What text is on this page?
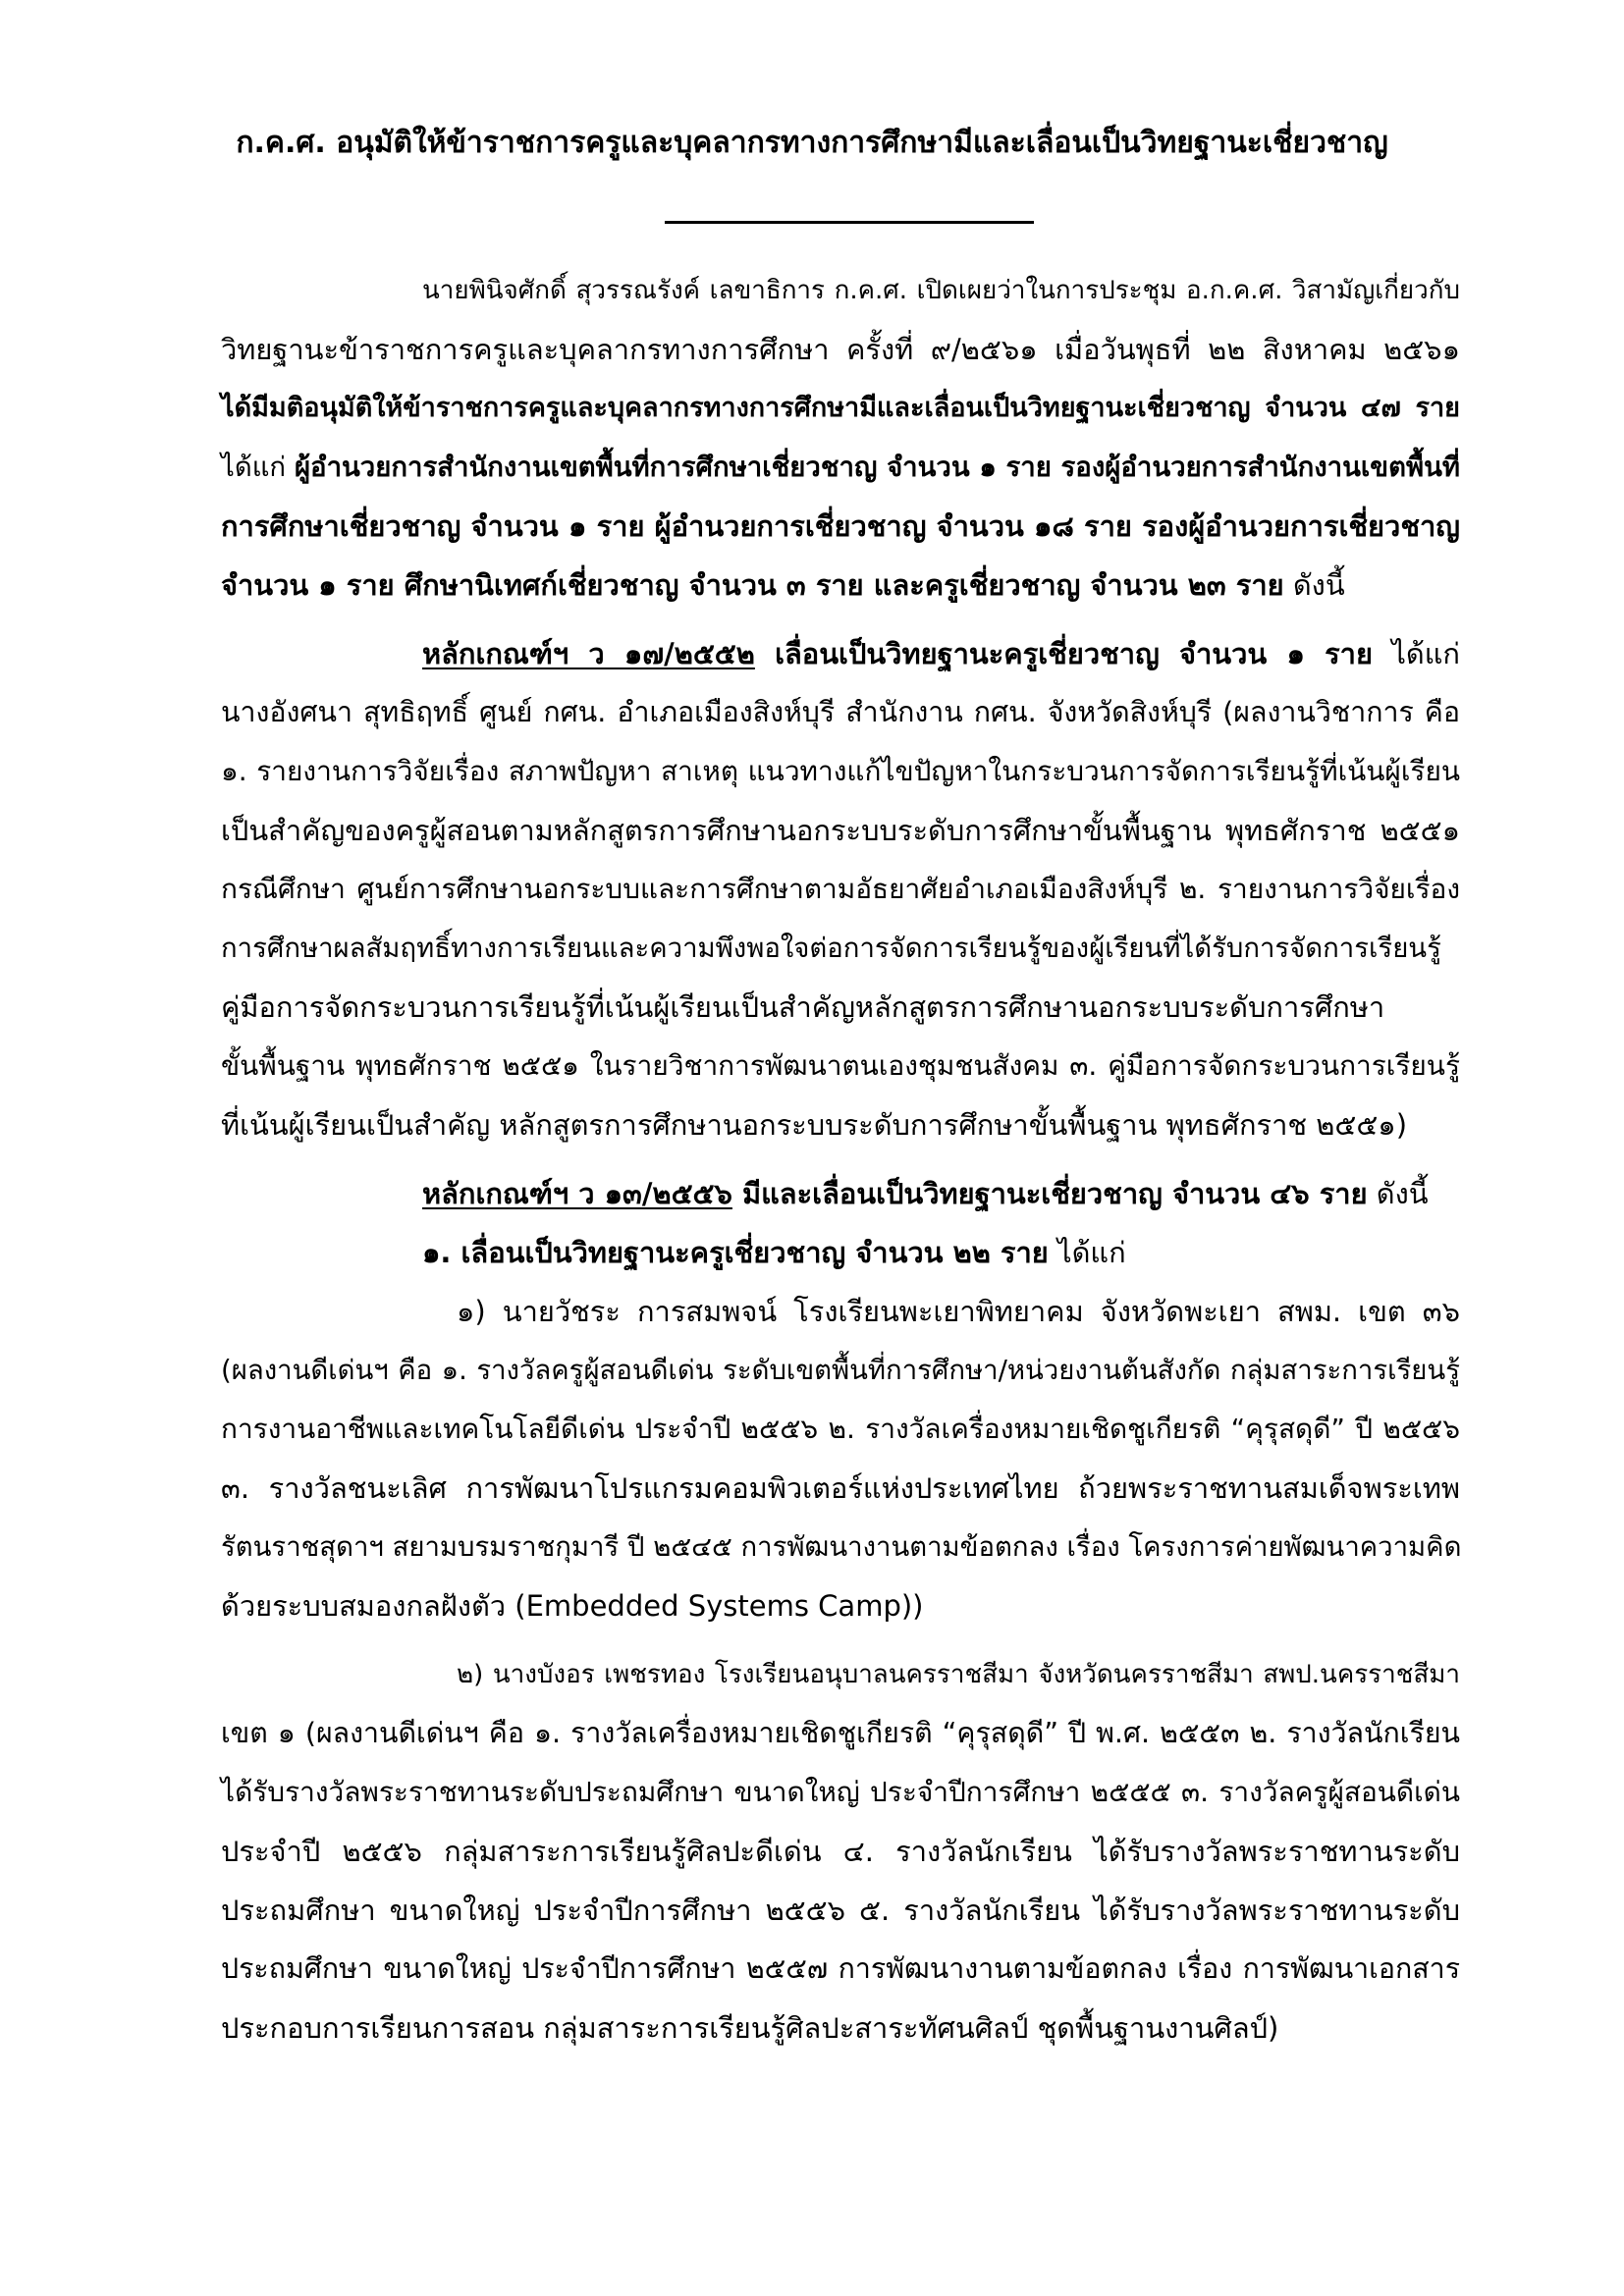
ก.ค.ศ. อนุมัติให้ข้าราชการครูและบุคลากรทางการศึกษามีและเลื่อนเป็นวิทยฐานะเชี่ยวชาญ
นายพินิจศักดิ์ สุวรรณรังค์ เลขาธิการ ก.ค.ศ. เปิดเผยว่าในการประชุม อ.ก.ค.ศ. วิสามัญเกี่ยวกับ
วิทยฐานะข้าราชการครูและบุคลากรทางการศึกษา ครั้งที่ ๙/๒๕๖๑ เมื่อวันพุธที่ ๒๒ สิงหาคม ๒๕๖๑
ได้มีมติอนุมัติให้ข้าราชการครูและบุคลากรทางการศึกษามีและเลื่อนเป็นวิทยฐานะเชี่ยวชาญ จำนวน ๔๗ ราย
ได้แก่ ผู้อำนวยการสำนักงานเขตพื้นที่การศึกษาเชี่ยวชาญ จำนวน ๑ ราย รองผู้อำนวยการสำนักงานเขตพื้นที่
การศึกษาเชี่ยวชาญ จำนวน ๑ ราย ผู้อำนวยการเชี่ยวชาญ จำนวน ๑๘ ราย รองผู้อำนวยการเชี่ยวชาญ
จำนวน ๑ ราย ศึกษานิเทศก์เชี่ยวชาญ จำนวน ๓ ราย และครูเชี่ยวชาญ จำนวน ๒๓ ราย ดังนี้
หลักเกณฑ์ฯ ว ๑๗/๒๕๕๒ เลื่อนเป็นวิทยฐานะครูเชี่ยวชาญ จำนวน ๑ ราย ได้แก่
นางอังศนา สุทธิฤทธิ์ ศูนย์ กศน. อำเภอเมืองสิงห์บุรี สำนักงาน กศน. จังหวัดสิงห์บุรี (ผลงานวิชาการ คือ
๑. รายงานการวิจัยเรื่อง สภาพปัญหา สาเหตุ แนวทางแก้ไขปัญหาในกระบวนการจัดการเรียนรู้ที่เน้นผู้เรียน
เป็นสำคัญของครูผู้สอนตามหลักสูตรการศึกษานอกระบบระดับการศึกษาขั้นพื้นฐาน พุทธศักราช ๒๕๕๑
กรณีศึกษา ศูนย์การศึกษานอกระบบและการศึกษาตามอัธยาศัยอำเภอเมืองสิงห์บุรี ๒. รายงานการวิจัยเรื่อง
การศึกษาผลสัมฤทธิ์ทางการเรียนและความพึงพอใจต่อการจัดการเรียนรู้ของผู้เรียนที่ได้รับการจัดการเรียนรู้
คู่มือการจัดกระบวนการเรียนรู้ที่เน้นผู้เรียนเป็นสำคัญหลักสูตรการศึกษานอกระบบระดับการศึกษา
ขั้นพื้นฐาน พุทธศักราช ๒๕๕๑ ในรายวิชาการพัฒนาตนเองชุมชนสังคม ๓. คู่มือการจัดกระบวนการเรียนรู้
ที่เน้นผู้เรียนเป็นสำคัญ หลักสูตรการศึกษานอกระบบระดับการศึกษาขั้นพื้นฐาน พุทธศักราช ๒๕๕๑)
หลักเกณฑ์ฯ ว ๑๓/๒๕๕๖ มีและเลื่อนเป็นวิทยฐานะเชี่ยวชาญ จำนวน ๔๖ ราย ดังนี้
๑. เลื่อนเป็นวิทยฐานะครูเชี่ยวชาญ จำนวน ๒๒ ราย ได้แก่
๑) นายวัชระ การสมพจน์ โรงเรียนพะเยาพิทยาคม จังหวัดพะเยา สพม. เขต ๓๖
(ผลงานดีเด่นฯ คือ ๑. รางวัลครูผู้สอนดีเด่น ระดับเขตพื้นที่การศึกษา/หน่วยงานต้นสังกัด กลุ่มสาระการเรียนรู้
การงานอาชีพและเทคโนโลยีดีเด่น ประจำปี ๒๕๕๖ ๒. รางวัลเครื่องหมายเชิดชูเกียรติ “คุรุสดุดี” ปี ๒๕๕๖
๓. รางวัลชนะเลิศ การพัฒนาโปรแกรมคอมพิวเตอร์แห่งประเทศไทย ถ้วยพระราชทานสมเด็จพระเทพ
รัตนราชสุดาฯ สยามบรมราชกุมารี ปี ๒๕๔๕ การพัฒนางานตามข้อตกลง เรื่อง โครงการค่ายพัฒนาความคิด
ด้วยระบบสมองกลฝังตัว (Embedded Systems Camp))
๒) นางบังอร เพชรทอง โรงเรียนอนุบาลนครราชสีมา จังหวัดนครราชสีมา สพป.นครราชสีมา
เขต ๑ (ผลงานดีเด่นฯ คือ ๑. รางวัลเครื่องหมายเชิดชูเกียรติ “คุรุสดุดี” ปี พ.ศ. ๒๕๕๓ ๒. รางวัลนักเรียน
ได้รับรางวัลพระราชทานระดับประถมศึกษา ขนาดใหญ่ ประจำปีการศึกษา ๒๕๕๕ ๓. รางวัลครูผู้สอนดีเด่น
ประจำปี ๒๕๕๖ กลุ่มสาระการเรียนรู้ศิลปะดีเด่น ๔. รางวัลนักเรียน ได้รับรางวัลพระราชทานระดับ
ประถมศึกษา ขนาดใหญ่ ประจำปีการศึกษา ๒๕๕๖ ๕. รางวัลนักเรียน ได้รับรางวัลพระราชทานระดับ
ประถมศึกษา ขนาดใหญ่ ประจำปีการศึกษา ๒๕๕๗ การพัฒนางานตามข้อตกลง เรื่อง การพัฒนาเอกสาร
ประกอบการเรียนการสอน กลุ่มสาระการเรียนรู้ศิลปะสาระทัศนศิลป์ ชุดพื้นฐานงานศิลป์)
